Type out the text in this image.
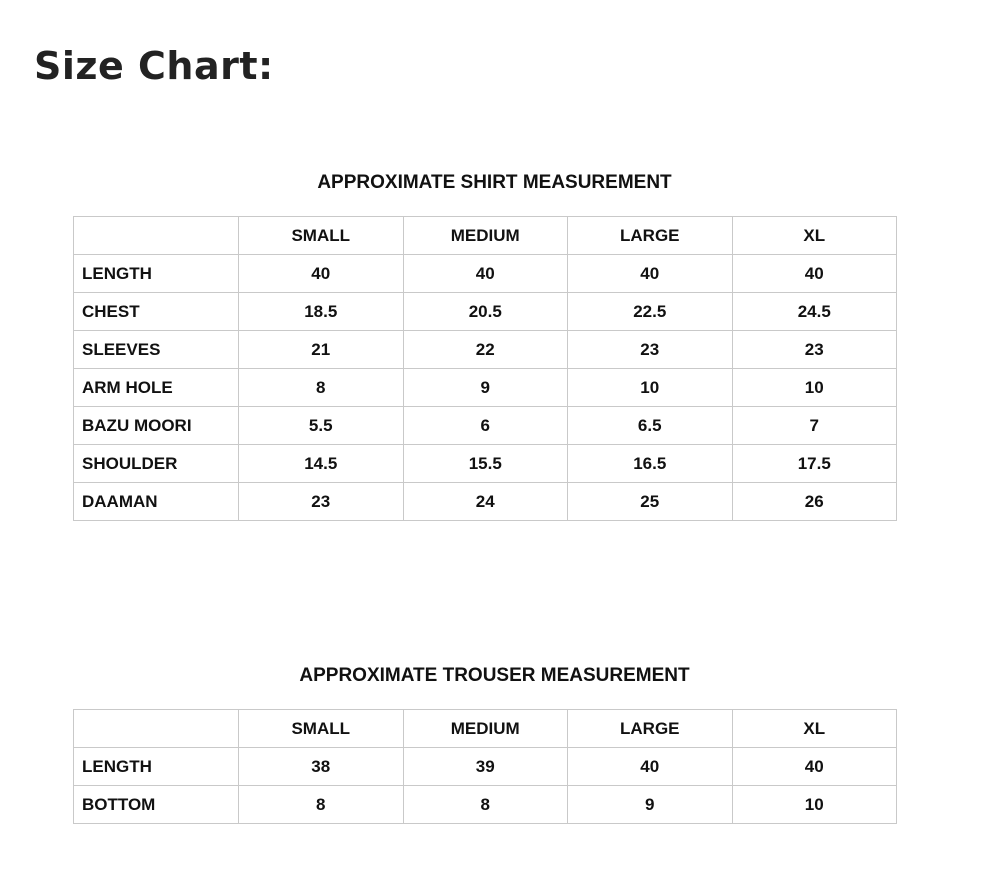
Size Chart:
APPROXIMATE SHIRT MEASUREMENT
	SMALL	MEDIUM	LARGE	XL
LENGTH	40	40	40	40
CHEST	18.5	20.5	22.5	24.5
SLEEVES	21	22	23	23
ARM HOLE	8	9	10	10
BAZU MOORI	5.5	6	6.5	7
SHOULDER	14.5	15.5	16.5	17.5
DAAMAN	23	24	25	26
APPROXIMATE TROUSER MEASUREMENT
	SMALL	MEDIUM	LARGE	XL
LENGTH	38	39	40	40
BOTTOM	8	8	9	10
